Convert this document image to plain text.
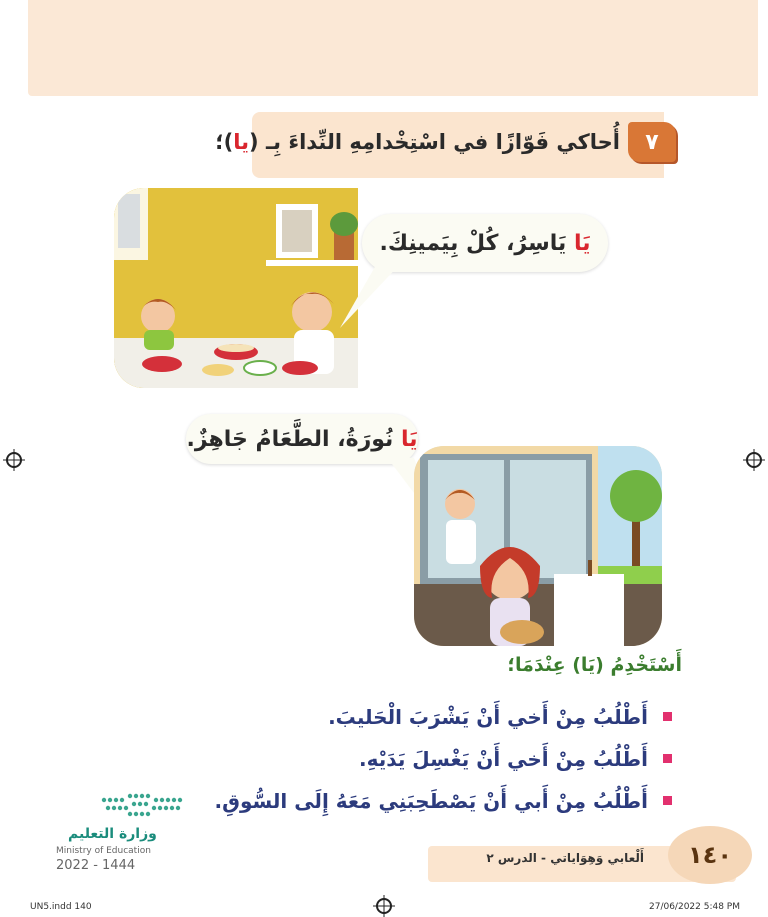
٧
أُحاكي فَوّازًا في اسْتِخْدامِهِ النِّداءَ بِـ (يا)؛
يَا يَاسِرُ، كُلْ بِيَمينِكَ.
يَا نُورَةُ، الطَّعَامُ جَاهِزٌ.
أَسْتَخْدِمُ (يَا) عِنْدَمَا؛
أَطْلُبُ مِنْ أَخي أَنْ يَشْرَبَ الْحَليبَ.
أَطْلُبُ مِنْ أَخي أَنْ يَغْسِلَ يَدَيْهِ.
أَطْلُبُ مِنْ أَبي أَنْ يَصْطَحِبَنِي مَعَهُ إِلَى السُّوقِ.
وزارة التعليم
Ministry of Education
2022 - 1444	أَلْعابي وَهِوَاياتي - الدرس ٢	١٤٠
UN5.indd 140	27/06/2022 5:48 PM
